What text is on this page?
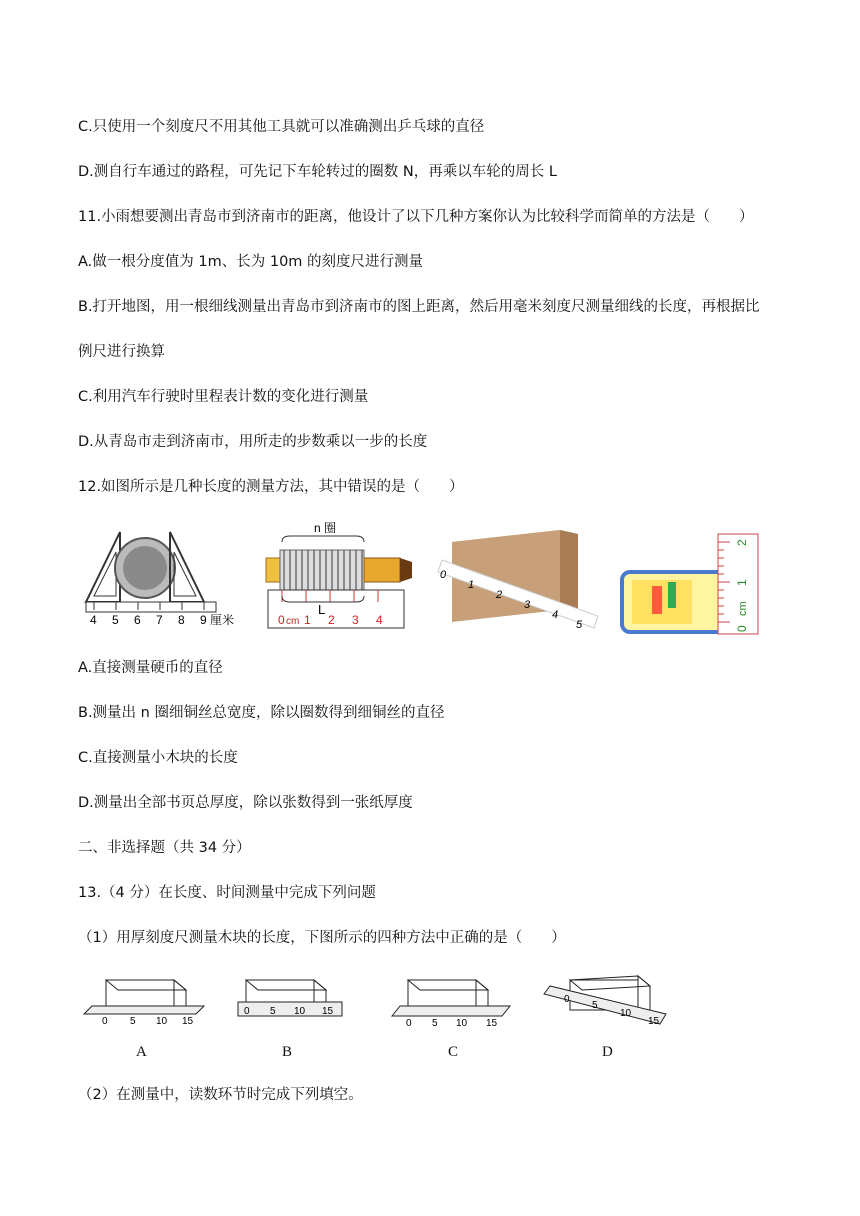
C.只使用一个刻度尺不用其他工具就可以准确测出乒乓球的直径
D.测自行车通过的路程，可先记下车轮转过的圈数 N，再乘以车轮的周长 L
11.小雨想要测出青岛市到济南市的距离，他设计了以下几种方案你认为比较科学而简单的方法是（　　）
A.做一根分度值为 1m、长为 10m 的刻度尺进行测量
B.打开地图，用一根细线测量出青岛市到济南市的图上距离，然后用毫米刻度尺测量细线的长度，再根据比
例尺进行换算
C.利用汽车行驶时里程表计数的变化进行测量
D.从青岛市走到济南市，用所走的步数乘以一步的长度
12.如图所示是几种长度的测量方法，其中错误的是（　　）
4 5 6 7 8 9 厘米
n 圈
L
0 cm 1 2 3 4
0
1
2
3
4
5	0
cm
1
2
A.直接测量硬币的直径
B.测量出 n 圈细铜丝总宽度，除以圈数得到细铜丝的直径
C.直接测量小木块的长度
D.测量出全部书页总厚度，除以张数得到一张纸厚度
二、非选择题（共 34 分）
13.（4 分）在长度、时间测量中完成下列问题
（1）用厚刻度尺测量木块的长度，下图所示的四种方法中正确的是（　　）
0 5 10 15
0 5 10 15
0 5 10 15
0
5
10
15
A	B	C	D
（2）在测量中，读数环节时完成下列填空。
